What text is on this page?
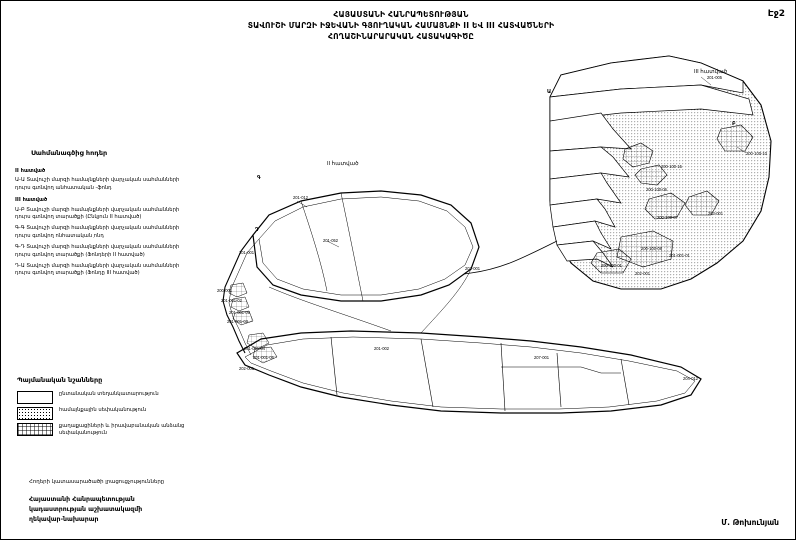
Էջ2
ՀԱՅԱUՏԱՆԻ ՀԱՆՐԱՊԵՏՈՒԹՅԱՆ
ՏԱՎՈՒՇԻ ՄԱՐԶԻ ԻՋԵՎԱՆԻ ԳՅՈՒՂԱԿԱՆ ՀԱՄԱՅՆՔԻ II ԵՎ III ՀԱՏՎԱԾՆԵՐԻ
ՀՈՂԱՇԻՆԱՐԱՐԱԿԱՆ ՀԱՏԱԿԱԳԻԾԸ
III հատված
II հատված
Ա
Բ
Գ
Դ
201-005
200-100-10
200-100-15
200-100-06
200-100-07
203-001
200-100-08
201-001-01
200-100-01
202-001
201-012
201-052
201-001
200-001
201-001-02
201-001-09
201-001-03
201-001-04
201-001-06
202-001
201-002
202-001
207-001
204-012
Սահմանագծից հոդեր
II հատված
Ա-Ա Տավուշի մարզի համայնքների վարչական սահմանների դուրս գտնվող անհատական ֊ֆոնդ
III հատված
Ա-Բ Տավուշի մարզի համայնքների վարչական սահմանների դուրս գտնվող տարածքի (Ընկյուն II հատված)
Գ-Գ Տավուշի մարզի համայնքների վարչական սահմանների դուրս գտնվող ոնհատական ֖ոնդ
Գ-Դ Տավուշի մարզի համայնքների վարչական սահմանների դուրս գտնվող տարածքի (Ֆոնդերի II հատված)
Դ-Ա Տավուշի մարզի համայնքների վարչական սահմանների դուրս գտնվող տարածքի (Ֆոնդը III հատված)
Պայմանական նշանները
ընտանական տեղանկատարություն
համայնքային սեփականություն
քաղաքացիների և իրավաբանական անձանց սեփականություն
Հողերի կատասարածածի լրացուցչությունները
Հայաստանի Հանրապետության
կադաստրության աշխատակազմի
ղեկավար-նախարար	Մ. Թոխունյան
